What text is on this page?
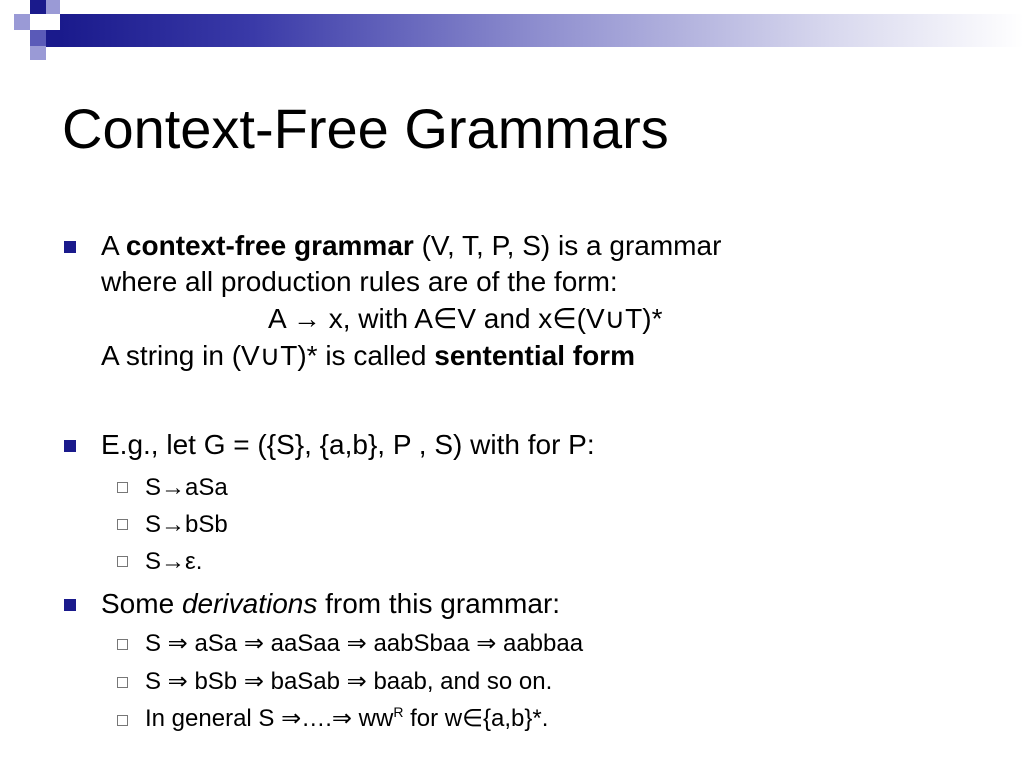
Context-Free Grammars
A context-free grammar (V, T, P, S) is a grammar
where all production rules are of the form:
A → x, with A∈V and x∈(V∪T)*
A string in (V∪T)* is called sentential form
E.g., let G = ({S}, {a,b}, P , S) with for P:
S→aSa
S→bSb
S→ε.
Some derivations from this grammar:
S ⇒ aSa ⇒ aaSaa ⇒ aabSbaa ⇒ aabbaa
S ⇒ bSb ⇒ baSab ⇒ baab, and so on.
In general S ⇒….⇒ $ww^R$ for w∈{a,b}*.
